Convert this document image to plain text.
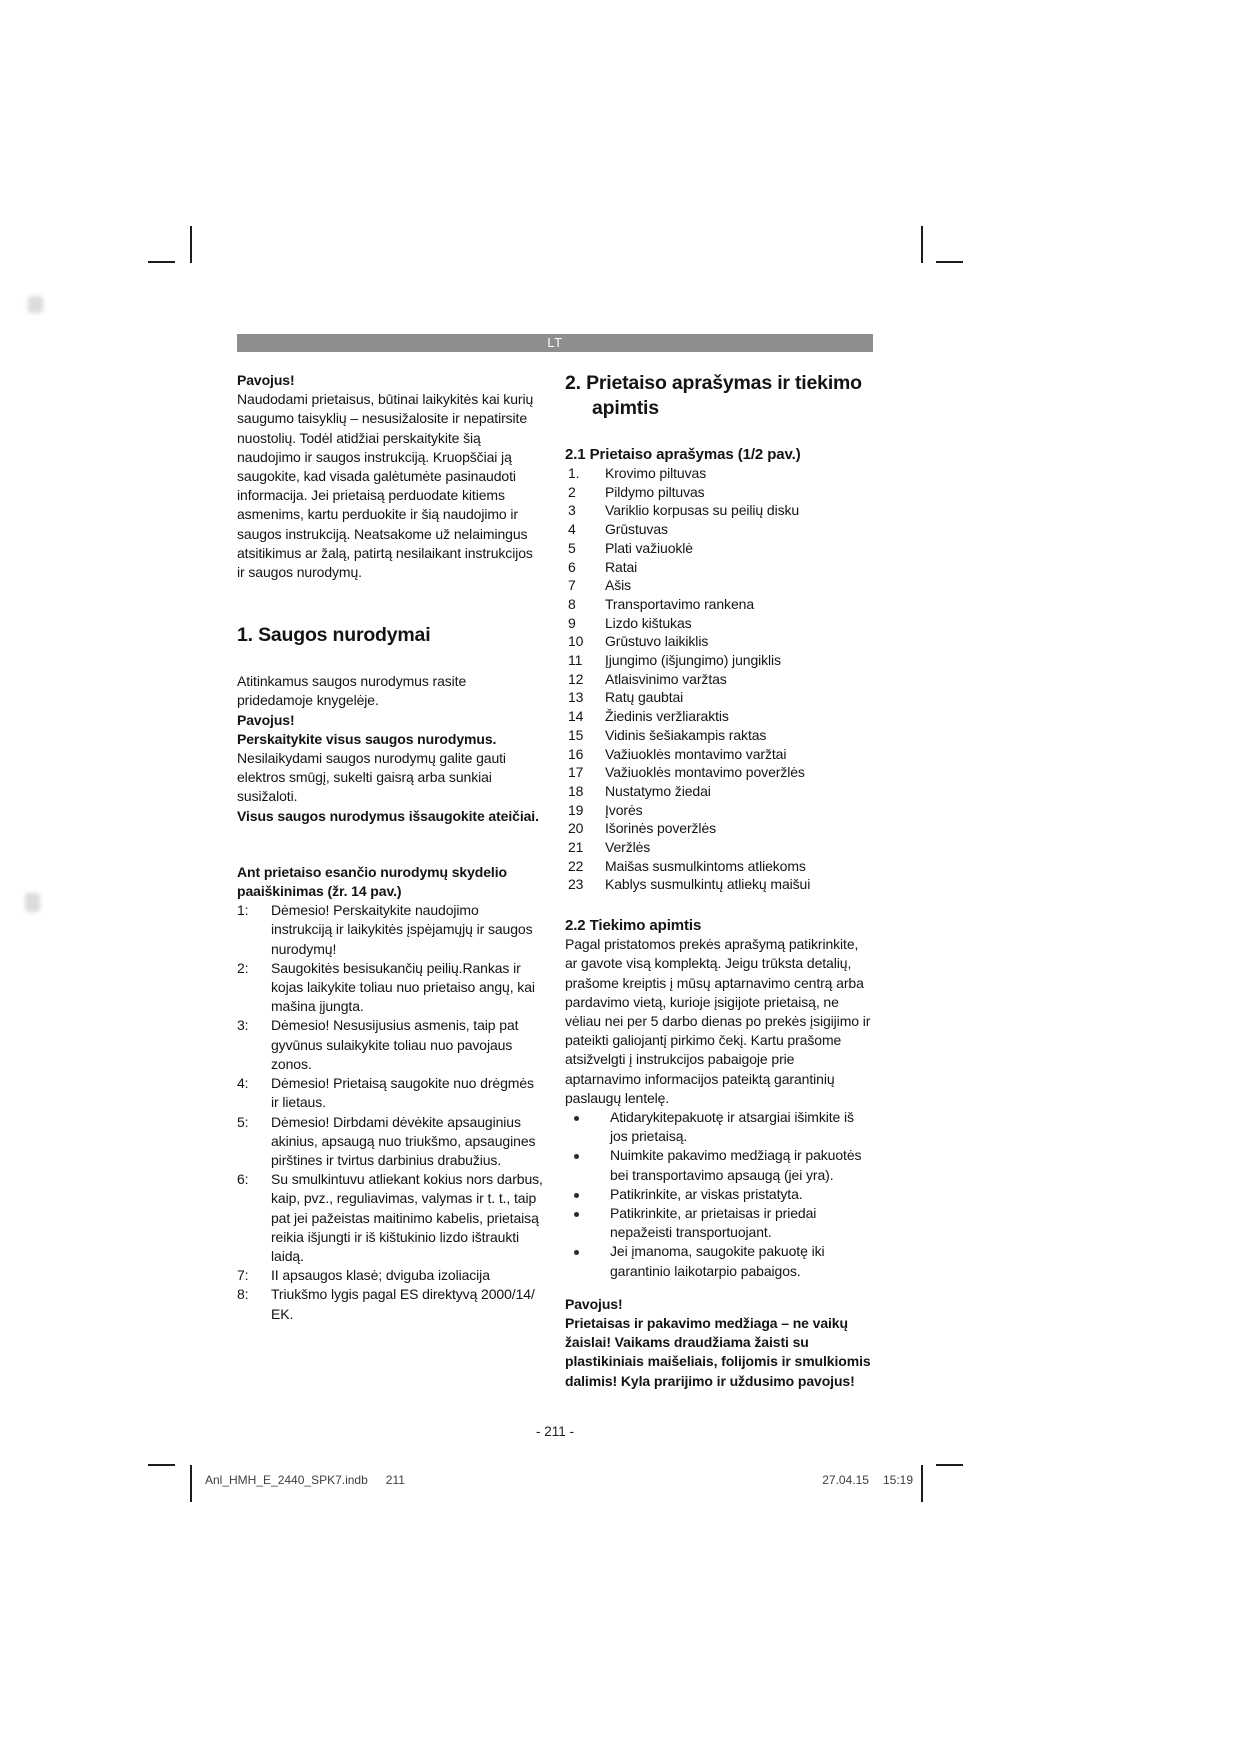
LT
Pavojus!
Naudodami prietaisus, būtinai laikykitės kai kurių saugumo taisyklių – nesusižalosite ir nepatirsite nuostolių. Todėl atidžiai perskaitykite šią naudojimo ir saugos instrukciją. Kruopščiai ją saugokite, kad visada galėtumėte pasinaudoti informacija. Jei prietaisą perduodate kitiems asmenims, kartu perduokite ir šią naudojimo ir saugos instrukciją. Neatsakome už nelaimingus atsitikimus ar žalą, patirtą nesilaikant instrukcijos ir saugos nurodymų.
1. Saugos nurodymai
Atitinkamus saugos nurodymus rasite pridedamoje knygelėje.
Pavojus!
Perskaitykite visus saugos nurodymus. Nesilaikydami saugos nurodymų galite gauti elektros smūgį, sukelti gaisrą arba sunkiai susižaloti.
Visus saugos nurodymus išsaugokite ateičiai.
Ant prietaiso esančio nurodymų skydelio paaiškinimas (žr. 14 pav.)
1:	Dėmesio! Perskaitykite naudojimo instrukciją ir laikykitės įspėjamųjų ir saugos nurodymų!
2:	Saugokitės besisukančių peilių.Rankas ir kojas laikykite toliau nuo prietaiso angų, kai mašina įjungta.
3:	Dėmesio! Nesusijusius asmenis, taip pat gyvūnus sulaikykite toliau nuo pavojaus zonos.
4:	Dėmesio! Prietaisą saugokite nuo drėgmės ir lietaus.
5:	Dėmesio! Dirbdami dėvėkite apsauginius akinius, apsaugą nuo triukšmo, apsaugines pirštines ir tvirtus darbinius drabužius.
6:	Su smulkintuvu atliekant kokius nors darbus, kaip, pvz., reguliavimas, valymas ir t. t., taip pat jei pažeistas maitinimo kabelis, prietaisą reikia išjungti ir iš kištukinio lizdo ištraukti laidą.
7:	II apsaugos klasė; dviguba izoliacija
8:	Triukšmo lygis pagal ES direktyvą 2000/14/ EK.
2. Prietaiso aprašymas ir tiekimo apimtis
2.1 Prietaiso aprašymas (1/2 pav.)
1.	Krovimo piltuvas
2	Pildymo piltuvas
3	Variklio korpusas su peilių disku
4	Grūstuvas
5	Plati važiuoklė
6	Ratai
7	Ašis
8	Transportavimo rankena
9	Lizdo kištukas
10	Grūstuvo laikiklis
11	Įjungimo (išjungimo) jungiklis
12	Atlaisvinimo varžtas
13	Ratų gaubtai
14	Žiedinis veržliaraktis
15	Vidinis šešiakampis raktas
16	Važiuoklės montavimo varžtai
17	Važiuoklės montavimo poveržlės
18	Nustatymo žiedai
19	Įvorės
20	Išorinės poveržlės
21	Veržlės
22	Maišas susmulkintoms atliekoms
23	Kablys susmulkintų atliekų maišui
2.2 Tiekimo apimtis
Pagal pristatomos prekės aprašymą patikrinkite, ar gavote visą komplektą. Jeigu trūksta detalių, prašome kreiptis į mūsų aptarnavimo centrą arba pardavimo vietą, kurioje įsigijote prietaisą, ne vėliau nei per 5 darbo dienas po prekės įsigijimo ir pateikti galiojantį pirkimo čekį. Kartu prašome atsižvelgti į instrukcijos pabaigoje prie aptarnavimo informacijos pateiktą garantinių paslaugų lentelę.
Atidarykitepakuotę ir atsargiai išimkite iš jos prietaisą.
Nuimkite pakavimo medžiagą ir pakuotės bei transportavimo apsaugą (jei yra).
Patikrinkite, ar viskas pristatyta.
Patikrinkite, ar prietaisas ir priedai nepažeisti transportuojant.
Jei įmanoma, saugokite pakuotę iki garantinio laikotarpio pabaigos.
Pavojus!
Prietaisas ir pakavimo medžiaga – ne vaikų žaislai! Vaikams draudžiama žaisti su plastikiniais maišeliais, folijomis ir smulkiomis dalimis! Kyla prarijimo ir uždusimo pavojus!
- 211 -
Anl_HMH_E_2440_SPK7.indb 211	27.04.15 15:19
